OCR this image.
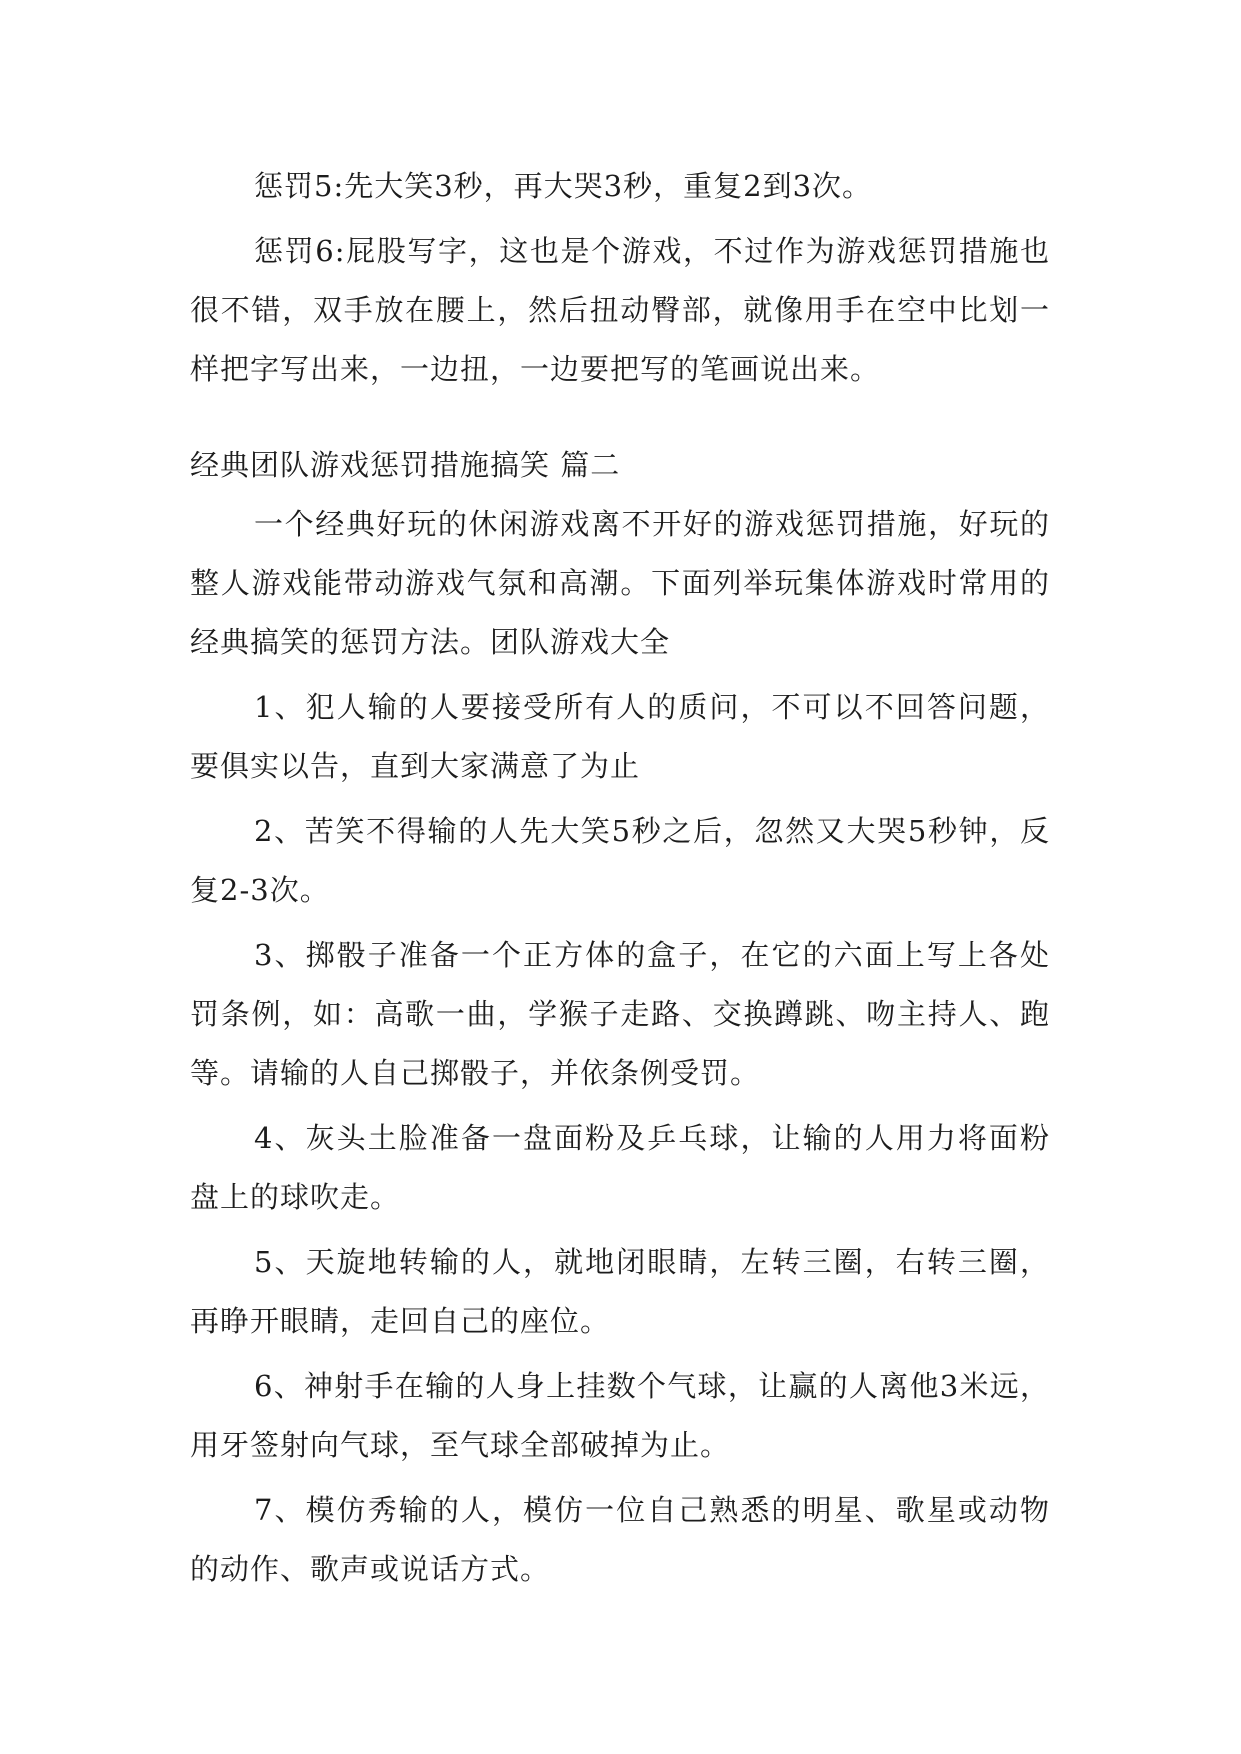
惩罚5:先大笑3秒，再大哭3秒，重复2到3次。

惩罚6:屁股写字，这也是个游戏，不过作为游戏惩罚措施也很不错，双手放在腰上，然后扭动臀部，就像用手在空中比划一样把字写出来，一边扭，一边要把写的笔画说出来。

经典团队游戏惩罚措施搞笑 篇二

一个经典好玩的休闲游戏离不开好的游戏惩罚措施，好玩的整人游戏能带动游戏气氛和高潮。下面列举玩集体游戏时常用的经典搞笑的惩罚方法。团队游戏大全

1、犯人输的人要接受所有人的质问，不可以不回答问题，要俱实以告，直到大家满意了为止

2、苦笑不得输的人先大笑5秒之后，忽然又大哭5秒钟，反复2-3次。

3、掷骰子准备一个正方体的盒子，在它的六面上写上各处罚条例，如：高歌一曲，学猴子走路、交换蹲跳、吻主持人、跑等。请输的人自己掷骰子，并依条例受罚。

4、灰头土脸准备一盘面粉及乒乓球，让输的人用力将面粉盘上的球吹走。

5、天旋地转输的人，就地闭眼睛，左转三圈，右转三圈，再睁开眼睛，走回自己的座位。

6、神射手在输的人身上挂数个气球，让赢的人离他3米远，用牙签射向气球，至气球全部破掉为止。

7、模仿秀输的人，模仿一位自己熟悉的明星、歌星或动物的动作、歌声或说话方式。
